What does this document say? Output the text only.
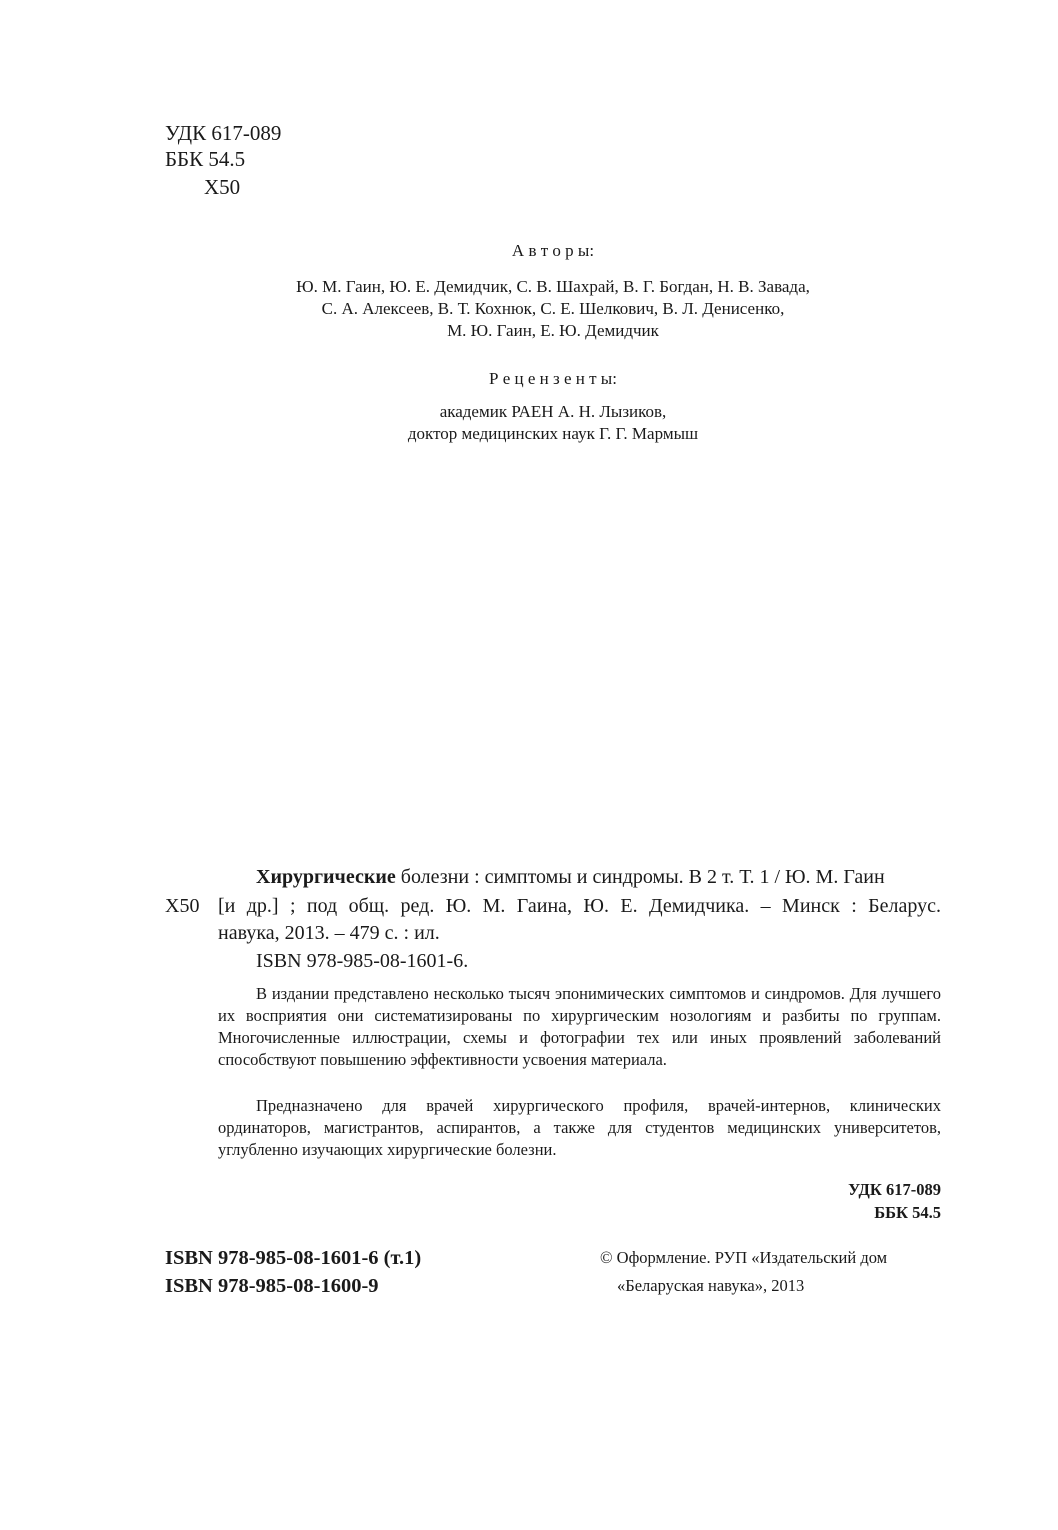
УДК 617-089
ББК 54.5
Х50
А в т о р ы:
Ю. М. Гаин, Ю. Е. Демидчик, С. В. Шахрай, В. Г. Богдан, Н. В. Завада,
С. А. Алексеев, В. Т. Кохнюк, С. Е. Шелкович, В. Л. Денисенко,
М. Ю. Гаин, Е. Ю. Демидчик
Р е ц е н з е н т ы:
академик РАЕН А. Н. Лызиков,
доктор медицинских наук Г. Г. Мармыш
Хирургические болезни : симптомы и синдромы. В 2 т. Т. 1 / Ю. М. Гаин
Х50 [и др.] ; под общ. ред. Ю. М. Гаина, Ю. Е. Демидчика. – Минск : Беларус.
навука, 2013. – 479 с. : ил.
ISBN 978-985-08-1601-6.

В издании представлено несколько тысяч эпонимических симптомов и синдромов. Для лучшего их восприятия они систематизированы по хирургическим нозологиям и разбиты по группам. Многочисленные иллюстрации, схемы и фотографии тех или иных проявлений заболеваний способствуют повышению эффективности усвоения материала.

Предназначено для врачей хирургического профиля, врачей-интернов, клинических ординаторов, магистрантов, аспирантов, а также для студентов медицинских университетов, углубленно изучающих хирургические болезни.

УДК 617-089
ББК 54.5
ISBN 978-985-08-1601-6 (т.1)
ISBN 978-985-08-1600-9
© Оформление. РУП «Издательский дом
«Беларуская навука», 2013
